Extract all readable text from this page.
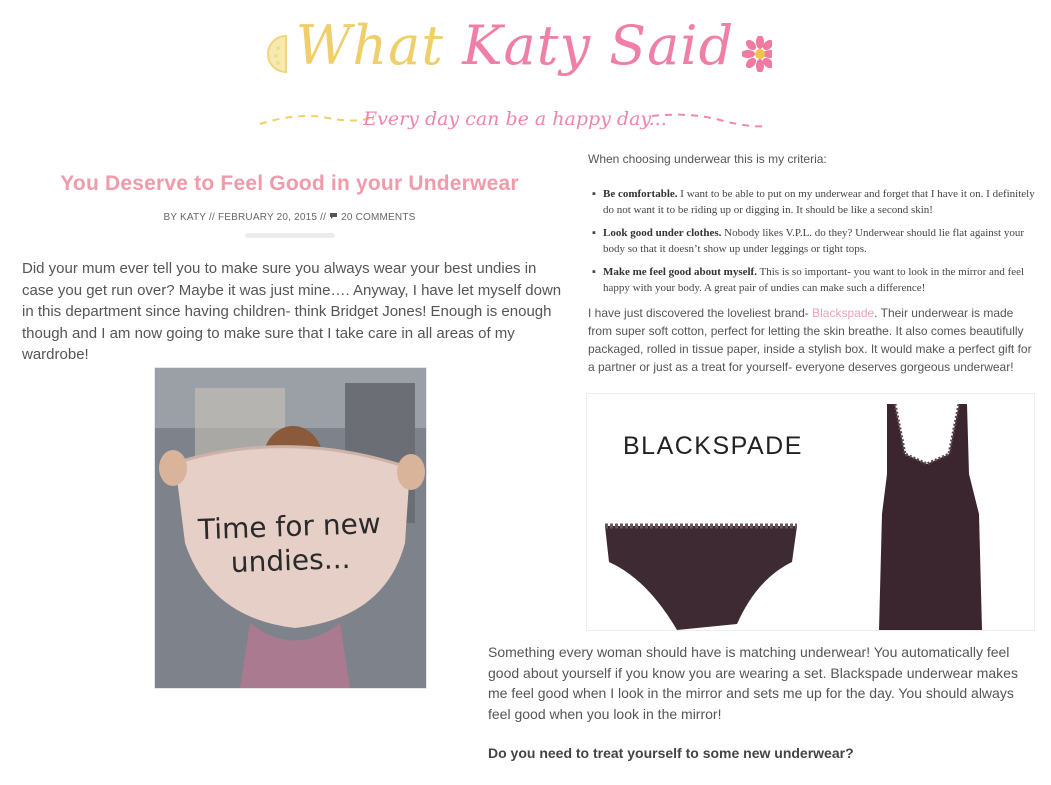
What Katy Said
Every day can be a happy day...
You Deserve to Feel Good in your Underwear
BY KATY // FEBRUARY 20, 2015 // 20 COMMENTS

Did your mum ever tell you to make sure you always wear your best undies in case you get run over? Maybe it was just mine…. Anyway, I have let myself down in this department since having children- think Bridget Jones! Enough is enough though and I am now going to make sure that I take care in all areas of my wardrobe!

Time for new
undies...

When choosing underwear this is my criteria:

▪ Be comfortable. I want to be able to put on my underwear and forget that I have it on. I definitely do not want it to be riding up or digging in. It should be like a second skin!
▪ Look good under clothes. Nobody likes V.P.L. do they? Underwear should lie flat against your body so that it doesn’t show up under leggings or tight tops.
▪ Make me feel good about myself. This is so important- you want to look in the mirror and feel happy with your body. A great pair of undies can make such a difference!

I have just discovered the loveliest brand- Blackspade. Their underwear is made from super soft cotton, perfect for letting the skin breathe. It also comes beautifully packaged, rolled in tissue paper, inside a stylish box. It would make a perfect gift for a partner or just as a treat for yourself- everyone deserves gorgeous underwear!

BLACKSPADE

Something every woman should have is matching underwear! You automatically feel good about yourself if you know you are wearing a set. Blackspade underwear makes me feel good when I look in the mirror and sets me up for the day. You should always feel good when you look in the mirror!

Do you need to treat yourself to some new underwear?
